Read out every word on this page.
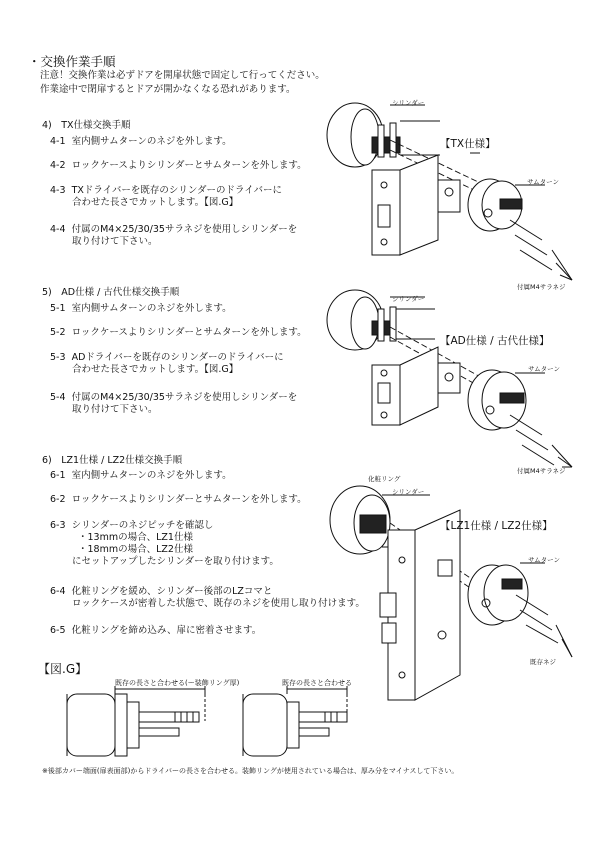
・交換作業手順
注意！交換作業は必ずドアを開扉状態で固定して行ってください。
作業途中で閉扉するとドアが開かなくなる恐れがあります。
4)　TX仕様交換手順
4-1 室内側サムターンのネジを外します。
4-2 ロックケースよりシリンダーとサムターンを外します。
4-3 TXドライバーを既存のシリンダーのドライバーに
合わせた長さでカットします。【図.G】
4-4 付属のM4×25/30/35サラネジを使用しシリンダーを
取り付けて下さい。
シリンダー
【TX仕様】
サムターン
付属M4サラネジ
5)　AD仕様 / 古代仕様交換手順
5-1 室内側サムターンのネジを外します。
5-2 ロックケースよりシリンダーとサムターンを外します。
5-3 ADドライバーを既存のシリンダーのドライバーに
合わせた長さでカットします。【図.G】
5-4 付属のM4×25/30/35サラネジを使用しシリンダーを
取り付けて下さい。
シリンダー
【AD仕様 / 古代仕様】
サムターン
付属M4サラネジ
6)　LZ1仕様 / LZ2仕様交換手順
6-1 室内側サムターンのネジを外します。
6-2 ロックケースよりシリンダーとサムターンを外します。
6-3 シリンダーのネジピッチを確認し
・13mmの場合、LZ1仕様
・18mmの場合、LZ2仕様
にセットアップしたシリンダーを取り付けます。
6-4 化粧リングを緩め、シリンダー後部のLZコマと
ロックケースが密着した状態で、既存のネジを使用し取り付けます。
6-5 化粧リングを締め込み、扉に密着させます。
化粧リング
シリンダー
【LZ1仕様 / LZ2仕様】
サムターン
既存ネジ
【図.G】
既存の長さと合わせる(ー装飾リング厚)	既存の長さと合わせる
※後部カバー端面(扉表面部)からドライバーの長さを合わせる。装飾リングが使用されている場合は、厚み分をマイナスして下さい。
